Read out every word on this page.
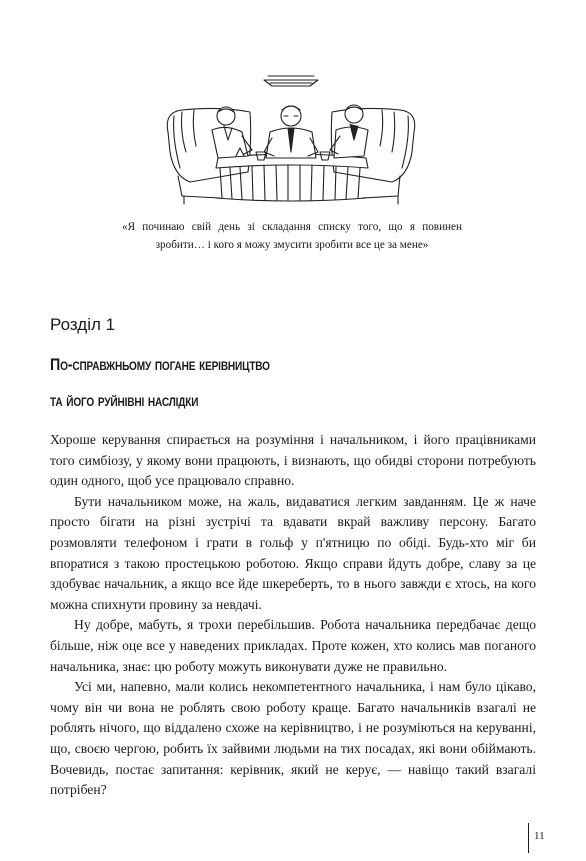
«Я починаю свій день зі складання списку того, що я повинен зробити… і кого я можу змусити зробити все це за мене»
Розділ 1
По-справжньому погане керівництво
та його руйнівні наслідки

Хороше керування спирається на розуміння і начальником, і його працівниками того симбіозу, у якому вони працюють, і визнають, що обидві сторони потребують один одного, щоб усе працювало справно.

Бути начальником може, на жаль, видаватися легким завданням. Це ж наче просто бігати на різні зустрічі та вдавати вкрай важливу персону. Багато розмовляти телефоном і грати в гольф у п'ятницю по обіді. Будь-хто міг би впоратися з такою простецькою роботою. Якщо справи йдуть добре, славу за це здобуває начальник, а якщо все йде шкереберть, то в нього завжди є хтось, на кого можна спихнути провину за невдачі.

Ну добре, мабуть, я трохи перебільшив. Робота начальника передбачає дещо більше, ніж оце все у наведених прикладах. Проте кожен, хто колись мав поганого начальника, знає: цю роботу можуть виконувати дуже не правильно.

Усі ми, напевно, мали колись некомпетентного начальника, і нам було цікаво, чому він чи вона не роблять свою роботу краще. Багато начальників взагалі не роблять нічого, що віддалено схоже на керівництво, і не розуміються на керуванні, що, своєю чергою, робить їх зайвими людьми на тих посадах, які вони обіймають. Вочевидь, постає запитання: керівник, який не керує, — навіщо такий взагалі потрібен?

11
